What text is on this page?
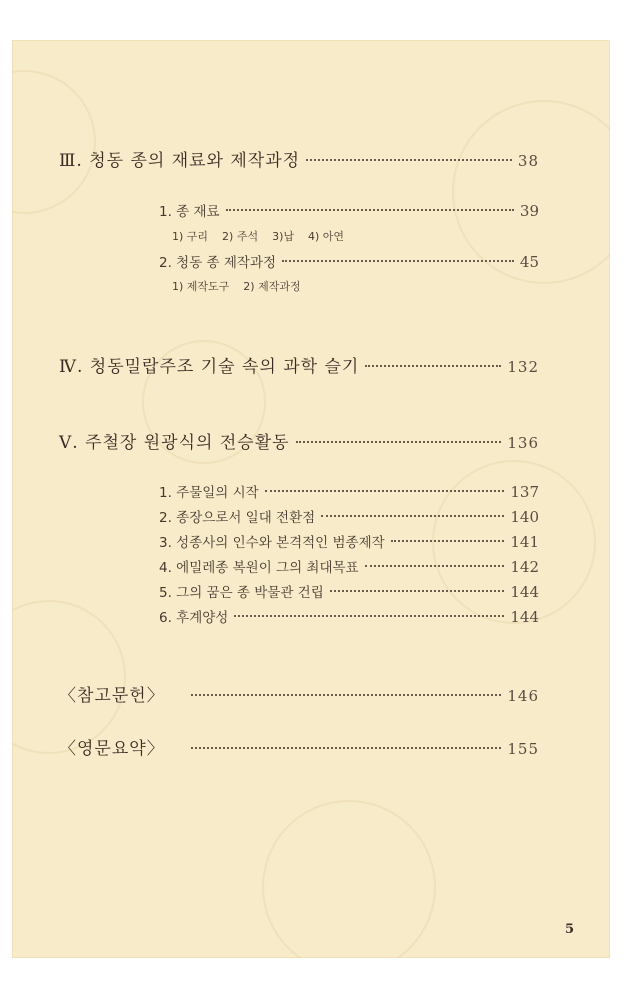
Ⅲ. 청동 종의 재료와 제작과정	38
1. 종 재료	39
1) 구리 2) 주석 3)납 4) 아연
2. 청동 종 제작과정	45
1) 제작도구 2) 제작과정
Ⅳ. 청동밀랍주조 기술 속의 과학 슬기	132
Ⅴ. 주철장 원광식의 전승활동	136
1. 주물일의 시작	137
2. 종장으로서 일대 전환점	140
3. 성종사의 인수와 본격적인 범종제작	141
4. 에밀레종 복원이 그의 최대목표	142
5. 그의 꿈은 종 박물관 건립	144
6. 후계양성	144
〈참고문헌〉	146
〈영문요약〉	155
5
